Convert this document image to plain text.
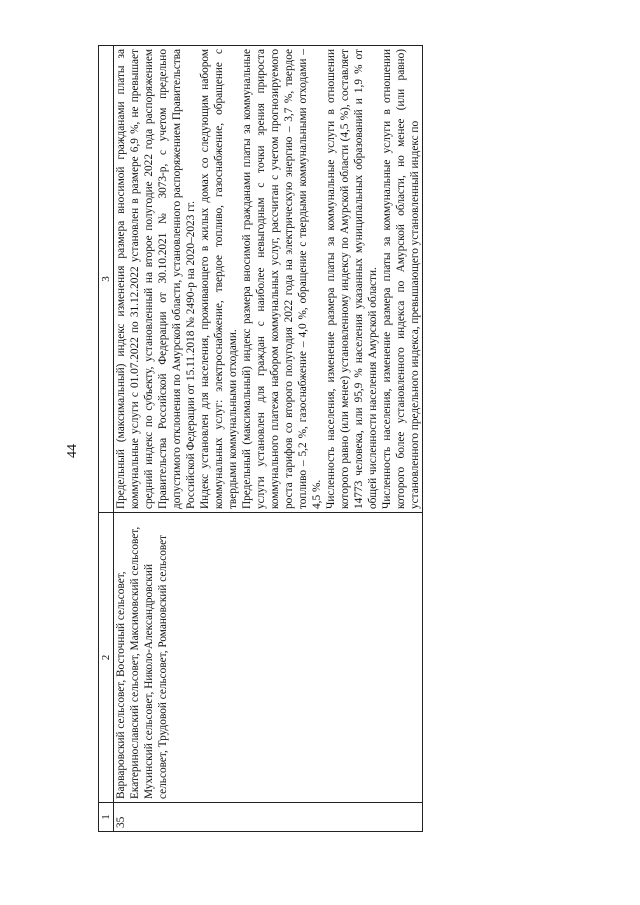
44
1	2	3
35	Варваровский сельсовет, Восточный сельсовет, Екатеринославский сельсовет, Максимовский сельсовет, Мухинский сельсовет, Николо-Александровский сельсовет, Трудовой сельсовет, Романовский сельсовет	Предельный (максимальный) индекс изменения размера вносимой гражданами платы за коммунальные услуги с 01.07.2022 по 31.12.2022 установлен в размере 6,9 %, не превышает средний индекс по субъекту, установленный на второе полугодие 2022 года распоряжением Правительства Российской Федерации от 30.10.2021 № 3073-р, с учетом предельно допустимого отклонения по Амурской области, установленного распоряжением Правительства Российской Федерации от 15.11.2018 № 2490-р на 2020–2023 гг. Индекс установлен для населения, проживающего в жилых домах со следующим набором коммунальных услуг: электроснабжение, твердое топливо, газоснабжение, обращение с твердыми коммунальными отходами. Предельный (максимальный) индекс размера вносимой гражданами платы за коммунальные услуги установлен для граждан с наиболее невыгодным с точки зрения прироста коммунального платежа набором коммунальных услуг, рассчитан с учетом прогнозируемого роста тарифов со второго полугодия 2022 года на электрическую энергию – 3,7 %, твердое топливо – 5,2 %, газоснабжение – 4,0 %, обращение с твердыми коммунальными отходами – 4,5 %. Численность населения, изменение размера платы за коммунальные услуги в отношении которого равно (или менее) установленному индексу по Амурской области (4,5 %), составляет 14773 человека, или 95,9 % населения указанных муниципальных образований и 1,9 % от общей численности населения Амурской области. Численность населения, изменение размера платы за коммунальные услуги в отношении которого более установленного индекса по Амурской области, но менее (или равно) установленного предельного индекса, превышающего установленный индекс по
